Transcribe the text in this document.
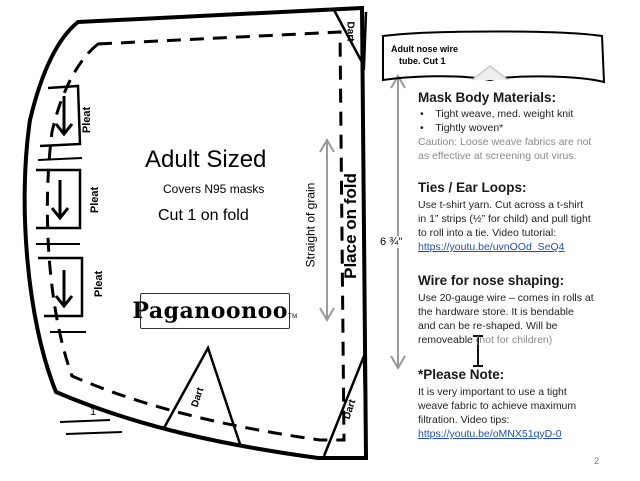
Adult Sized
Covers N95 masks
Cut 1 on fold
Paganoonoo TM
Pleat
Pleat
Pleat
Dart
Dart
Dart
Straight of grain Place on fold
1"
6 ¾"
Adult nose wire
tube. Cut 1
Mask Body Materials:
•    Tight weave, med. weight knit
•    Tightly woven*
Caution: Loose weave fabrics are not
as effective at screening out virus.
Ties / Ear Loops:
Use t-shirt yarn. Cut across a t-shirt
in 1” strips (½” for child) and pull tight
to roll into a tie. Video tutorial:
https://youtu.be/uvnOOd_SeQ4
Wire for nose shaping:
Use 20-gauge wire – comes in rolls at
the hardware store. It is bendable
and can be re-shaped. Will be
removeable (not for children)
*Please Note:
It is very important to use a tight
weave fabric to achieve maximum
filtration. Video tips:
https://youtu.be/oMNX51qyD-0
2
